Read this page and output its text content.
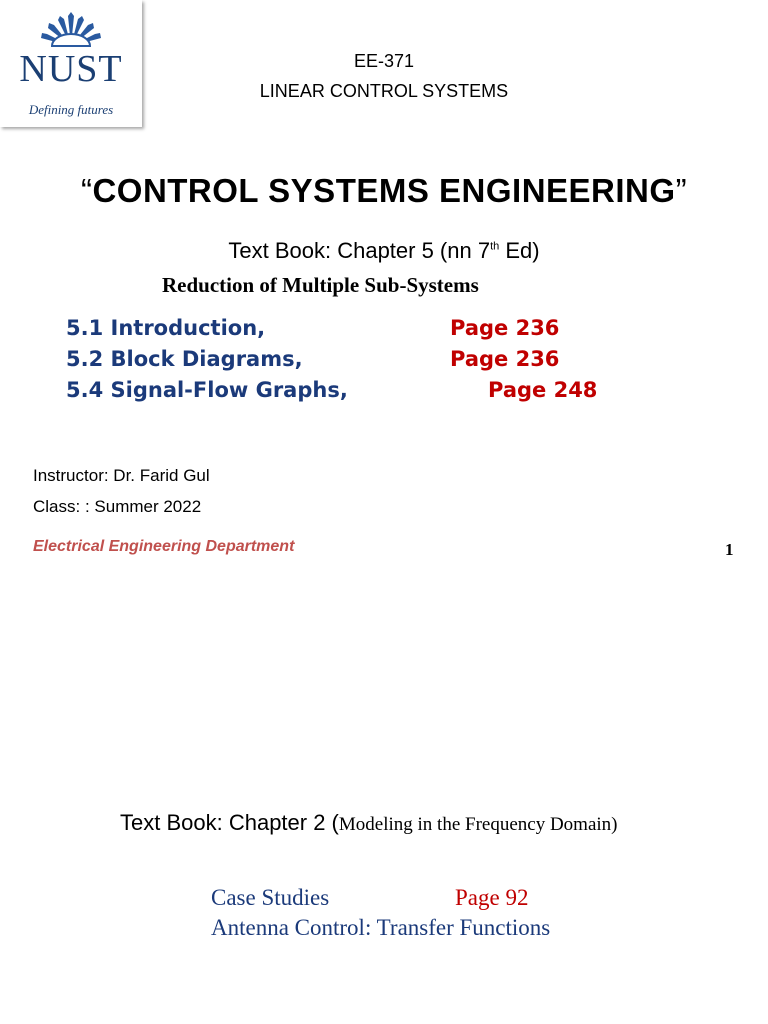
NUST
Defining futures
EE-371
LINEAR CONTROL SYSTEMS
“CONTROL SYSTEMS ENGINEERING”
Text Book: Chapter 5 (nn 7th Ed)
Reduction of Multiple Sub-Systems
5.1 Introduction,	Page 236
5.2 Block Diagrams,	Page 236
5.4 Signal-Flow Graphs,	Page 248
Instructor: Dr. Farid Gul
Class: : Summer 2022
Electrical Engineering Department	1
Text Book: Chapter 2 (Modeling in the Frequency Domain)
Case Studies	Page 92
Antenna Control: Transfer Functions
